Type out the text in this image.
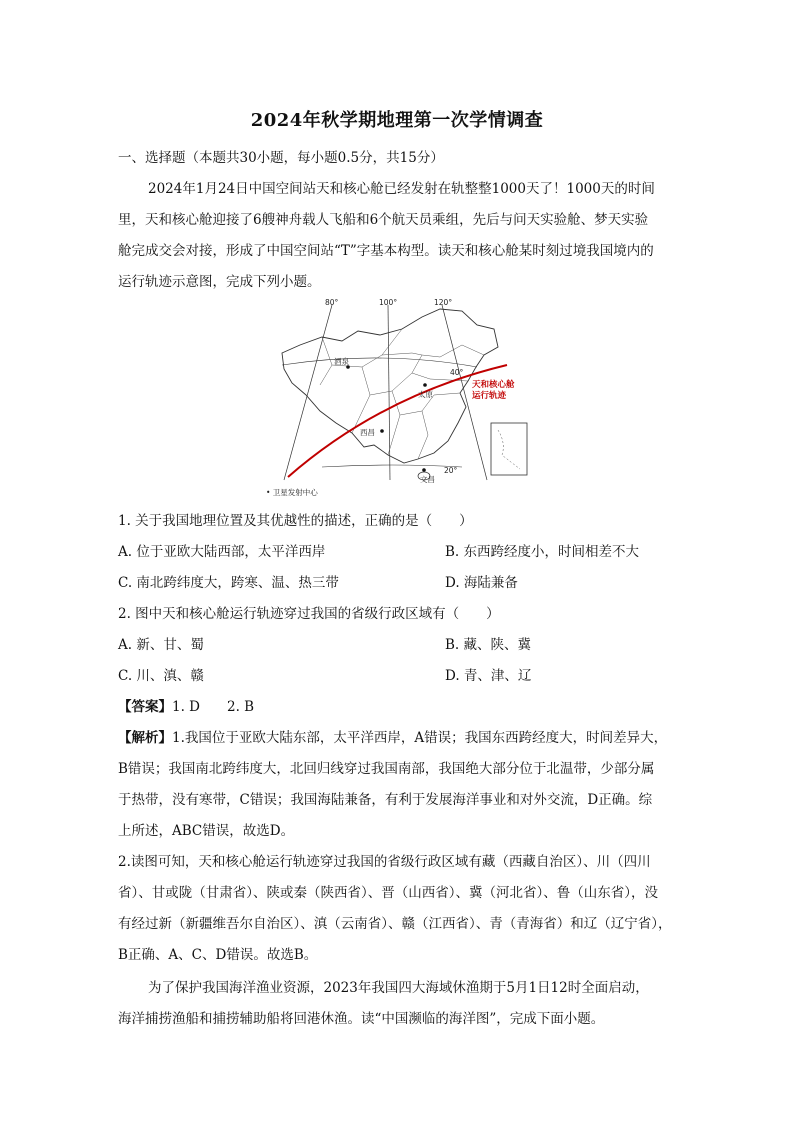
2024年秋学期地理第一次学情调查
一、选择题（本题共30小题，每小题0.5分，共15分）
2024年1月24日中国空间站天和核心舱已经发射在轨整整1000天了！1000天的时间
里，天和核心舱迎接了6艘神舟载人飞船和6个航天员乘组，先后与问天实验舱、梦天实验
舱完成交会对接，形成了中国空间站“T”字基本构型。读天和核心舱某时刻过境我国境内的
运行轨迹示意图，完成下列小题。
80°	100°	120°
40°
20°
酒泉
太原
西昌
文昌
天和核心舱
运行轨迹
• 卫星发射中心
1. 关于我国地理位置及其优越性的描述，正确的是（　　）
A. 位于亚欧大陆西部，太平洋西岸	B. 东西跨经度小，时间相差不大
C. 南北跨纬度大，跨寒、温、热三带	D. 海陆兼备
2. 图中天和核心舱运行轨迹穿过我国的省级行政区域有（　　）
A. 新、甘、蜀	B. 藏、陕、冀
C. 川、滇、赣	D. 青、津、辽
【答案】1. D　　2. B
【解析】1.我国位于亚欧大陆东部，太平洋西岸，A错误；我国东西跨经度大，时间差异大，
B错误；我国南北跨纬度大，北回归线穿过我国南部，我国绝大部分位于北温带，少部分属
于热带，没有寒带，C错误；我国海陆兼备，有利于发展海洋事业和对外交流，D正确。综
上所述，ABC错误，故选D。
2.读图可知，天和核心舱运行轨迹穿过我国的省级行政区域有藏（西藏自治区）、川（四川
省）、甘或陇（甘肃省）、陕或秦（陕西省）、晋（山西省）、冀（河北省）、鲁（山东省），没
有经过新（新疆维吾尔自治区）、滇（云南省）、赣（江西省）、青（青海省）和辽（辽宁省），
B正确、A、C、D错误。故选B。
为了保护我国海洋渔业资源，2023年我国四大海域休渔期于5月1日12时全面启动，
海洋捕捞渔船和捕捞辅助船将回港休渔。读“中国濒临的海洋图”，完成下面小题。
